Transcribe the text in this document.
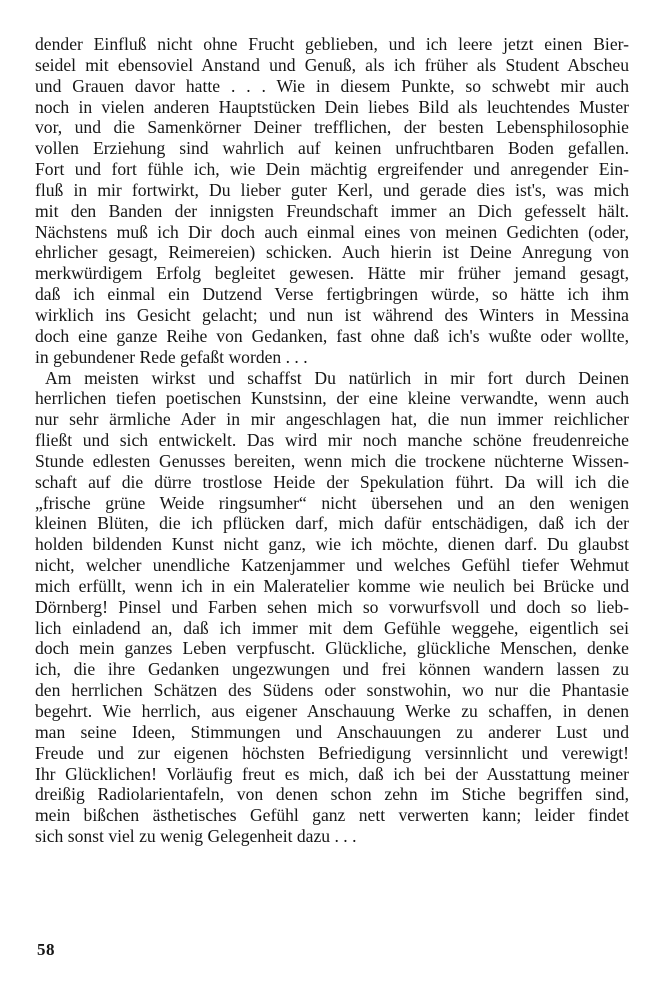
dender Einfluß nicht ohne Frucht geblieben, und ich leere jetzt einen Bier-
seidel mit ebensoviel Anstand und Genuß, als ich früher als Student Abscheu
und Grauen davor hatte . . . Wie in diesem Punkte, so schwebt mir auch
noch in vielen anderen Hauptstücken Dein liebes Bild als leuchtendes Muster
vor, und die Samenkörner Deiner trefflichen, der besten Lebensphilosophie
vollen Erziehung sind wahrlich auf keinen unfruchtbaren Boden gefallen.
Fort und fort fühle ich, wie Dein mächtig ergreifender und anregender Ein-
fluß in mir fortwirkt, Du lieber guter Kerl, und gerade dies ist's, was mich
mit den Banden der innigsten Freundschaft immer an Dich gefesselt hält.
Nächstens muß ich Dir doch auch einmal eines von meinen Gedichten (oder,
ehrlicher gesagt, Reimereien) schicken. Auch hierin ist Deine Anregung von
merkwürdigem Erfolg begleitet gewesen. Hätte mir früher jemand gesagt,
daß ich einmal ein Dutzend Verse fertigbringen würde, so hätte ich ihm
wirklich ins Gesicht gelacht; und nun ist während des Winters in Messina
doch eine ganze Reihe von Gedanken, fast ohne daß ich's wußte oder wollte,
in gebundener Rede gefaßt worden . . .
Am meisten wirkst und schaffst Du natürlich in mir fort durch Deinen
herrlichen tiefen poetischen Kunstsinn, der eine kleine verwandte, wenn auch
nur sehr ärmliche Ader in mir angeschlagen hat, die nun immer reichlicher
fließt und sich entwickelt. Das wird mir noch manche schöne freudenreiche
Stunde edlesten Genusses bereiten, wenn mich die trockene nüchterne Wissen-
schaft auf die dürre trostlose Heide der Spekulation führt. Da will ich die
„frische grüne Weide ringsumher“ nicht übersehen und an den wenigen
kleinen Blüten, die ich pflücken darf, mich dafür entschädigen, daß ich der
holden bildenden Kunst nicht ganz, wie ich möchte, dienen darf. Du glaubst
nicht, welcher unendliche Katzenjammer und welches Gefühl tiefer Wehmut
mich erfüllt, wenn ich in ein Maleratelier komme wie neulich bei Brücke und
Dörnberg! Pinsel und Farben sehen mich so vorwurfsvoll und doch so lieb-
lich einladend an, daß ich immer mit dem Gefühle weggehe, eigentlich sei
doch mein ganzes Leben verpfuscht. Glückliche, glückliche Menschen, denke
ich, die ihre Gedanken ungezwungen und frei können wandern lassen zu
den herrlichen Schätzen des Südens oder sonstwohin, wo nur die Phantasie
begehrt. Wie herrlich, aus eigener Anschauung Werke zu schaffen, in denen
man seine Ideen, Stimmungen und Anschauungen zu anderer Lust und
Freude und zur eigenen höchsten Befriedigung versinnlicht und verewigt!
Ihr Glücklichen! Vorläufig freut es mich, daß ich bei der Ausstattung meiner
dreißig Radiolarientafeln, von denen schon zehn im Stiche begriffen sind,
mein bißchen ästhetisches Gefühl ganz nett verwerten kann; leider findet
sich sonst viel zu wenig Gelegenheit dazu . . .
58
